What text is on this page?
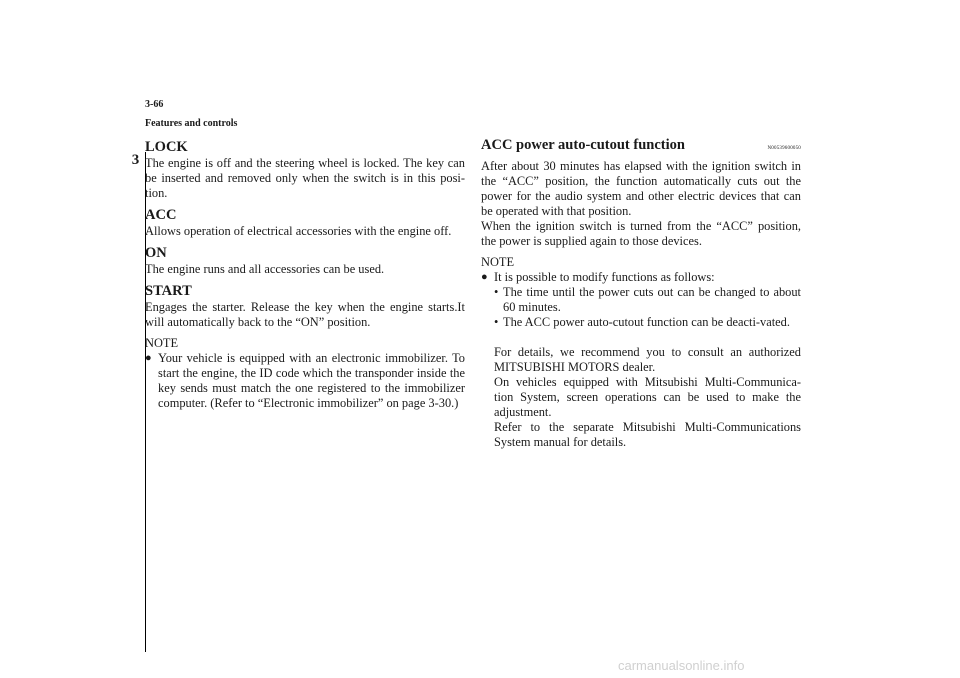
3-66
Features and controls
3
LOCK

The engine is off and the steering wheel is locked. The key can be inserted and removed only when the switch is in this posi-tion.

ACC

Allows operation of electrical accessories with the engine off.

ON

The engine runs and all accessories can be used.

START

Engages the starter. Release the key when the engine starts.It will automatically back to the “ON” position.

NOTE

● Your vehicle is equipped with an electronic immobilizer. To start the engine, the ID code which the transponder inside the key sends must match the one registered to the immobilizer computer. (Refer to “Electronic immobilizer” on page 3-30.)
ACC power auto-cutout function	N00539600050

After about 30 minutes has elapsed with the ignition switch in the “ACC” position, the function automatically cuts out the power for the audio system and other electric devices that can be operated with that position.

When the ignition switch is turned from the “ACC” position, the power is supplied again to those devices.

NOTE

● It is possible to modify functions as follows:

• The time until the power cuts out can be changed to about 60 minutes.
• The ACC power auto-cutout function can be deacti-vated.

For details, we recommend you to consult an authorized MITSUBISHI MOTORS dealer.

On vehicles equipped with Mitsubishi Multi-Communica-tion System, screen operations can be used to make the adjustment.

Refer to the separate Mitsubishi Multi-Communications System manual for details.

carmanualsonline.info
